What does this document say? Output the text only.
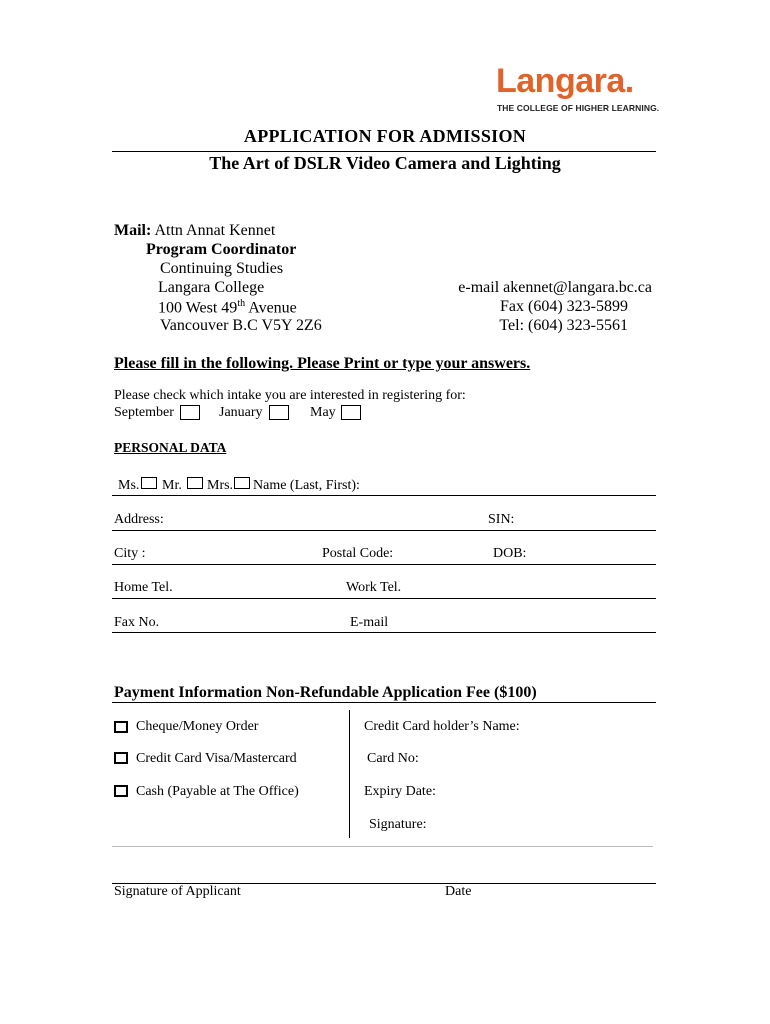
Langara.
THE COLLEGE OF HIGHER LEARNING.
APPLICATION FOR ADMISSION
The Art of DSLR Video Camera and Lighting
Mail: Attn Annat Kennet
Program Coordinator
Continuing Studies
Langara College
100 West 49th Avenue
Vancouver B.C V5Y 2Z6
e-mail akennet@langara.bc.ca
Fax (604) 323-5899
Tel: (604) 323-5561
Please fill in the following. Please Print or type your answers.
Please check which intake you are interested in registering for:
September	January	May
PERSONAL DATA
Ms. Mr. Mrs. Name (Last, First):
Address:	SIN:
City :	Postal Code:	DOB:
Home Tel.	Work Tel.
Fax No.	E-mail
Payment Information Non-Refundable Application Fee ($100)
Cheque/Money Order
Credit Card Visa/Mastercard
Cash (Payable at The Office)
Credit Card holder’s Name:
Card No:
Expiry Date:
Signature:
Signature of Applicant	Date
